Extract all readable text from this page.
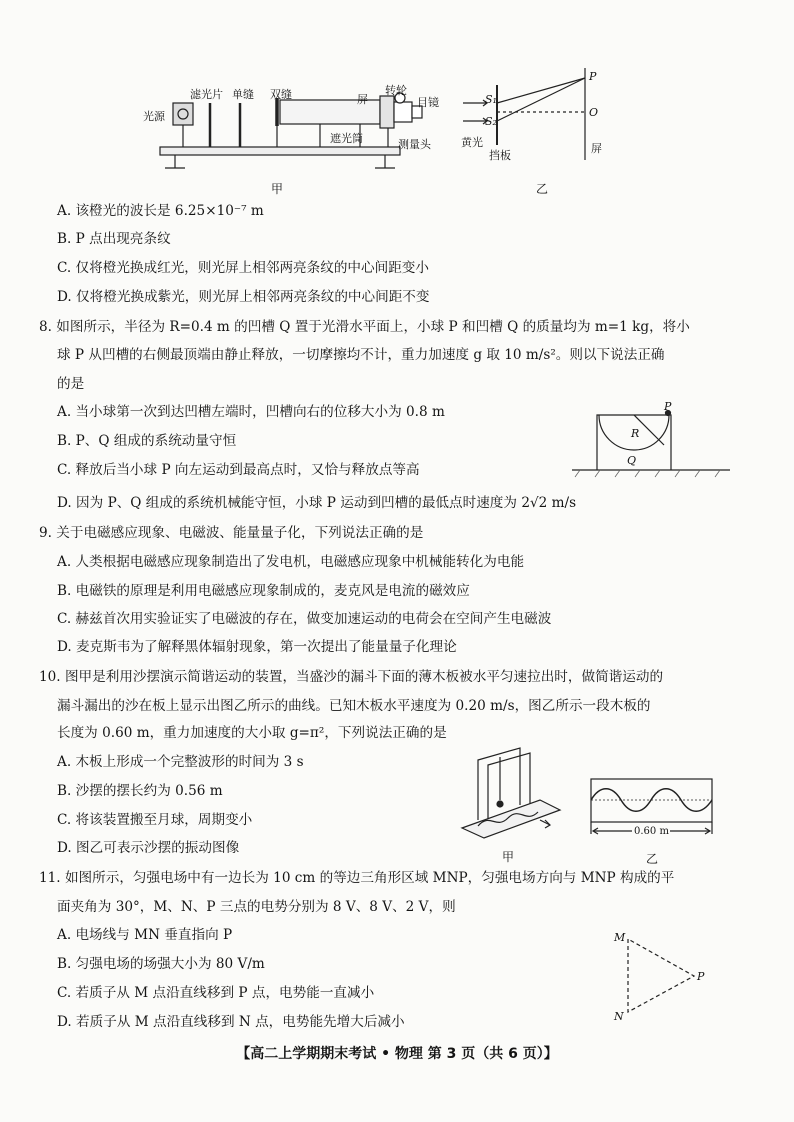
光源
滤光片 单缝 双缝	屏
转轮
目镜
遮光筒	测量头
甲
S₁
S₂
黄光
挡板
P
O
屏
乙
A. 该橙光的波长是 6.25×10⁻⁷ m
B. P 点出现亮条纹
C. 仅将橙光换成红光，则光屏上相邻两亮条纹的中心间距变小
D. 仅将橙光换成紫光，则光屏上相邻两亮条纹的中心间距不变
8. 如图所示，半径为 R=0.4 m 的凹槽 Q 置于光滑水平面上，小球 P 和凹槽 Q 的质量均为 m=1 kg，将小
球 P 从凹槽的右侧最顶端由静止释放，一切摩擦均不计，重力加速度 g 取 10 m/s²。则以下说法正确
的是
A. 当小球第一次到达凹槽左端时，凹槽向右的位移大小为 0.8 m
B. P、Q 组成的系统动量守恒
C. 释放后当小球 P 向左运动到最高点时，又恰与释放点等高
D. 因为 P、Q 组成的系统机械能守恒，小球 P 运动到凹槽的最低点时速度为 2√2 m/s
P
R
Q
9. 关于电磁感应现象、电磁波、能量量子化，下列说法正确的是
A. 人类根据电磁感应现象制造出了发电机，电磁感应现象中机械能转化为电能
B. 电磁铁的原理是利用电磁感应现象制成的，麦克风是电流的磁效应
C. 赫兹首次用实验证实了电磁波的存在，做变加速运动的电荷会在空间产生电磁波
D. 麦克斯韦为了解释黑体辐射现象，第一次提出了能量量子化理论
10. 图甲是利用沙摆演示简谐运动的装置，当盛沙的漏斗下面的薄木板被水平匀速拉出时，做简谐运动的
漏斗漏出的沙在板上显示出图乙所示的曲线。已知木板水平速度为 0.20 m/s，图乙所示一段木板的
长度为 0.60 m，重力加速度的大小取 g=π²，下列说法正确的是
A. 木板上形成一个完整波形的时间为 3 s
B. 沙摆的摆长约为 0.56 m
C. 将该装置搬至月球，周期变小
D. 图乙可表示沙摆的振动图像
0.60 m
甲	乙
11. 如图所示，匀强电场中有一边长为 10 cm 的等边三角形区域 MNP，匀强电场方向与 MNP 构成的平
面夹角为 30°，M、N、P 三点的电势分别为 8 V、8 V、2 V，则
A. 电场线与 MN 垂直指向 P
B. 匀强电场的场强大小为 80 V/m
C. 若质子从 M 点沿直线移到 P 点，电势能一直减小
D. 若质子从 M 点沿直线移到 N 点，电势能先增大后减小
M
N
P
【高二上学期期末考试 • 物理 第 3 页（共 6 页）】
